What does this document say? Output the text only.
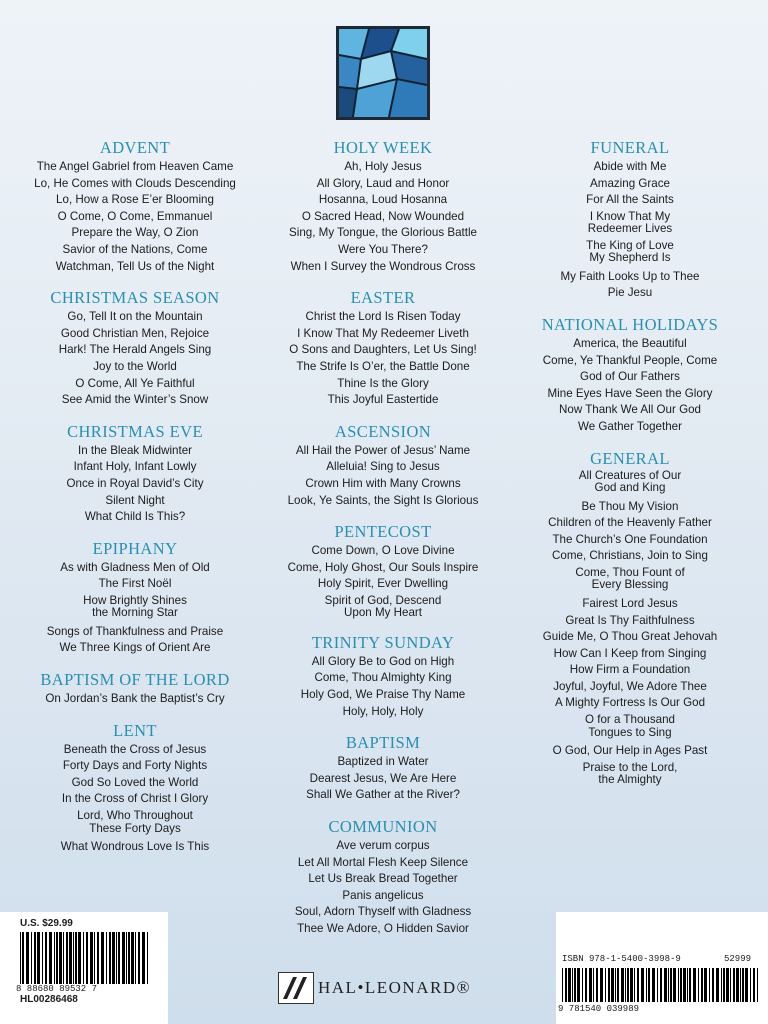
ADVENT
The Angel Gabriel from Heaven Came
Lo, He Comes with Clouds Descending
Lo, How a Rose E’er Blooming
O Come, O Come, Emmanuel
Prepare the Way, O Zion
Savior of the Nations, Come
Watchman, Tell Us of the Night
CHRISTMAS SEASON
Go, Tell It on the Mountain
Good Christian Men, Rejoice
Hark! The Herald Angels Sing
Joy to the World
O Come, All Ye Faithful
See Amid the Winter’s Snow
CHRISTMAS EVE
In the Bleak Midwinter
Infant Holy, Infant Lowly
Once in Royal David’s City
Silent Night
What Child Is This?
EPIPHANY
As with Gladness Men of Old
The First Noël
How Brightly Shines
the Morning Star
Songs of Thankfulness and Praise
We Three Kings of Orient Are
BAPTISM OF THE LORD
On Jordan’s Bank the Baptist’s Cry
LENT
Beneath the Cross of Jesus
Forty Days and Forty Nights
God So Loved the World
In the Cross of Christ I Glory
Lord, Who Throughout
These Forty Days
What Wondrous Love Is This
HOLY WEEK
Ah, Holy Jesus
All Glory, Laud and Honor
Hosanna, Loud Hosanna
O Sacred Head, Now Wounded
Sing, My Tongue, the Glorious Battle
Were You There?
When I Survey the Wondrous Cross
EASTER
Christ the Lord Is Risen Today
I Know That My Redeemer Liveth
O Sons and Daughters, Let Us Sing!
The Strife Is O’er, the Battle Done
Thine Is the Glory
This Joyful Eastertide
ASCENSION
All Hail the Power of Jesus’ Name
Alleluia! Sing to Jesus
Crown Him with Many Crowns
Look, Ye Saints, the Sight Is Glorious
PENTECOST
Come Down, O Love Divine
Come, Holy Ghost, Our Souls Inspire
Holy Spirit, Ever Dwelling
Spirit of God, Descend
Upon My Heart
TRINITY SUNDAY
All Glory Be to God on High
Come, Thou Almighty King
Holy God, We Praise Thy Name
Holy, Holy, Holy
BAPTISM
Baptized in Water
Dearest Jesus, We Are Here
Shall We Gather at the River?
COMMUNION
Ave verum corpus
Let All Mortal Flesh Keep Silence
Let Us Break Bread Together
Panis angelicus
Soul, Adorn Thyself with Gladness
Thee We Adore, O Hidden Savior
FUNERAL
Abide with Me
Amazing Grace
For All the Saints
I Know That My
Redeemer Lives
The King of Love
My Shepherd Is
My Faith Looks Up to Thee
Pie Jesu
NATIONAL HOLIDAYS
America, the Beautiful
Come, Ye Thankful People, Come
God of Our Fathers
Mine Eyes Have Seen the Glory
Now Thank We All Our God
We Gather Together
GENERAL
All Creatures of Our
God and King
Be Thou My Vision
Children of the Heavenly Father
The Church’s One Foundation
Come, Christians, Join to Sing
Come, Thou Fount of
Every Blessing
Fairest Lord Jesus
Great Is Thy Faithfulness
Guide Me, O Thou Great Jehovah
How Can I Keep from Singing
How Firm a Foundation
Joyful, Joyful, We Adore Thee
A Mighty Fortress Is Our God
O for a Thousand
Tongues to Sing
O God, Our Help in Ages Past
Praise to the Lord,
the Almighty
U.S. $29.99
8 88680 89532 7
HL00286468
ISBN 978-1-5400-3998-9	52999
9 781540 039989
HAL•LEONARD®
